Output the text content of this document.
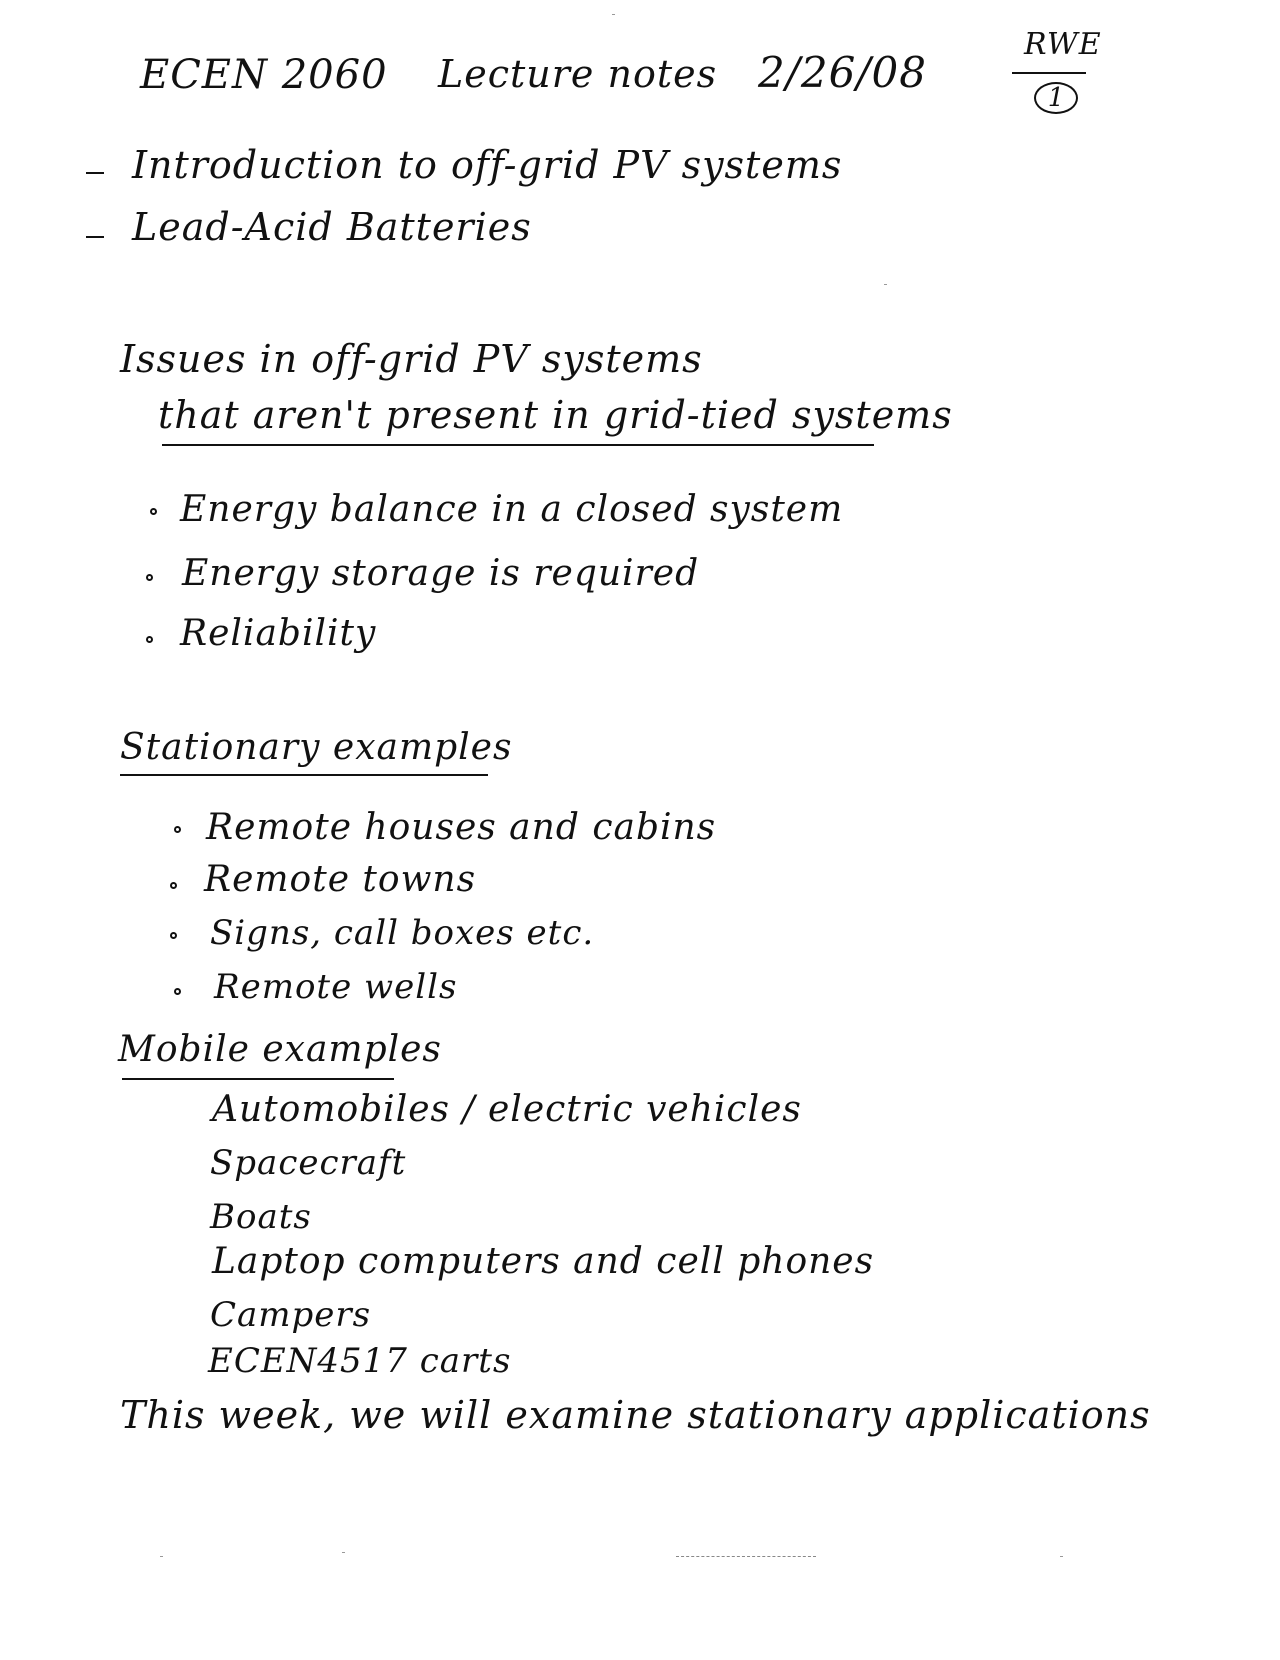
ECEN 2060 Lecture notes 2/26/08
RWE
1
Introduction to off-grid PV systems
Lead-Acid Batteries
Issues in off-grid PV systems
that aren't present in grid-tied systems
Energy balance in a closed system
Energy storage is required
Reliability
Stationary examples
Remote houses and cabins
Remote towns
Signs, call boxes etc.
Remote wells
Mobile examples
Automobiles / electric vehicles
Spacecraft
Boats
Laptop computers and cell phones
Campers
ECEN4517 carts
This week, we will examine stationary applications
